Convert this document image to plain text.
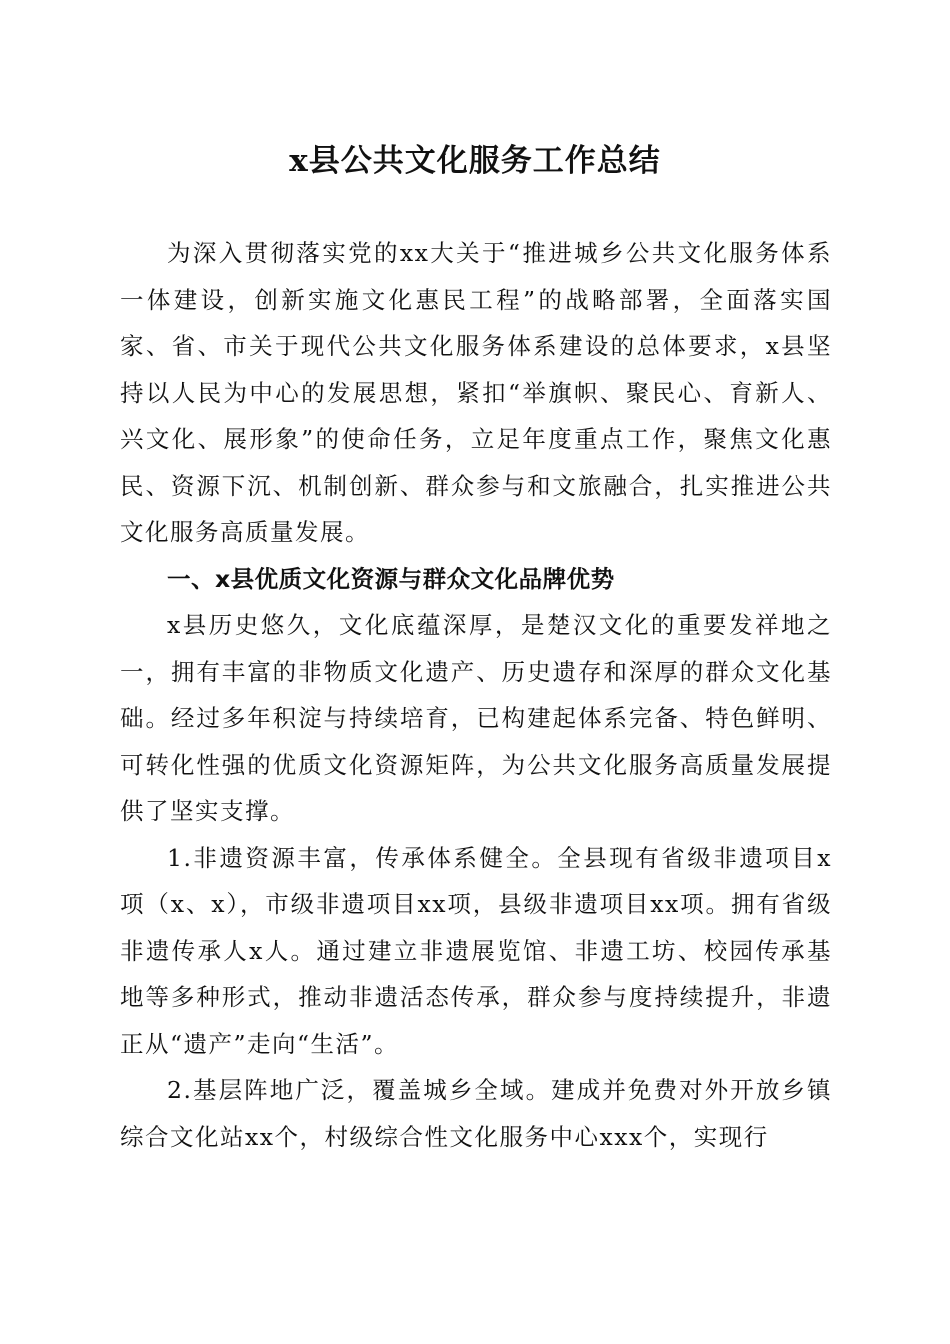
x县公共文化服务工作总结

为深入贯彻落实党的xx大关于“推进城乡公共文化服务体系一体建设，创新实施文化惠民工程”的战略部署，全面落实国家、省、市关于现代公共文化服务体系建设的总体要求，x县坚持以人民为中心的发展思想，紧扣“举旗帜、聚民心、育新人、兴文化、展形象”的使命任务，立足年度重点工作，聚焦文化惠民、资源下沉、机制创新、群众参与和文旅融合，扎实推进公共文化服务高质量发展。

一、x县优质文化资源与群众文化品牌优势

x县历史悠久，文化底蕴深厚，是楚汉文化的重要发祥地之一，拥有丰富的非物质文化遗产、历史遗存和深厚的群众文化基础。经过多年积淀与持续培育，已构建起体系完备、特色鲜明、可转化性强的优质文化资源矩阵，为公共文化服务高质量发展提供了坚实支撑。

1.非遗资源丰富，传承体系健全。全县现有省级非遗项目x项（x、x），市级非遗项目xx项，县级非遗项目xx项。拥有省级非遗传承人x人。通过建立非遗展览馆、非遗工坊、校园传承基地等多种形式，推动非遗活态传承，群众参与度持续提升，非遗正从“遗产”走向“生活”。

2.基层阵地广泛，覆盖城乡全域。建成并免费对外开放乡镇综合文化站xx个，村级综合性文化服务中心xxx个，实现行
